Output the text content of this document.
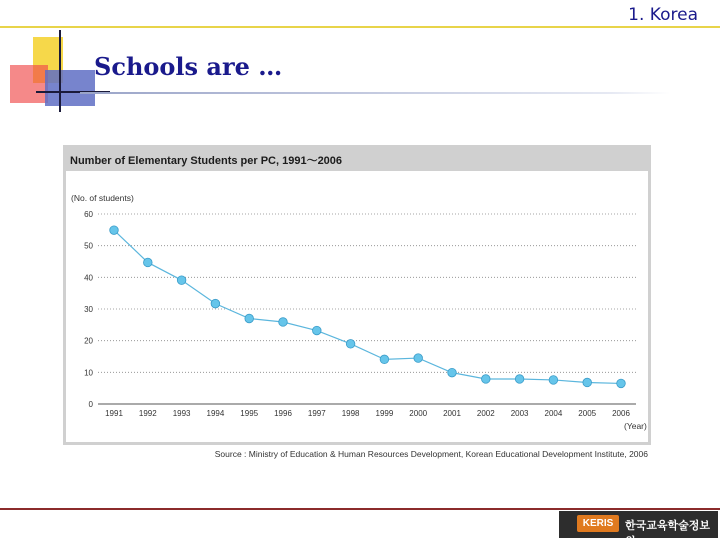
1. Korea
Schools are …
Number of Elementary Students per PC, 1991～2006
(No. of students)
(Year)
0
10
20
30
40
50
60
1991 1992 1993 1994 1995 1996 1997 1998 1999 2000 2001 2002 2003 2004 2005 2006
Source : Ministry of Education & Human Resources Development, Korean Educational Development Institute, 2006
KERIS	한국교육학술정보원
